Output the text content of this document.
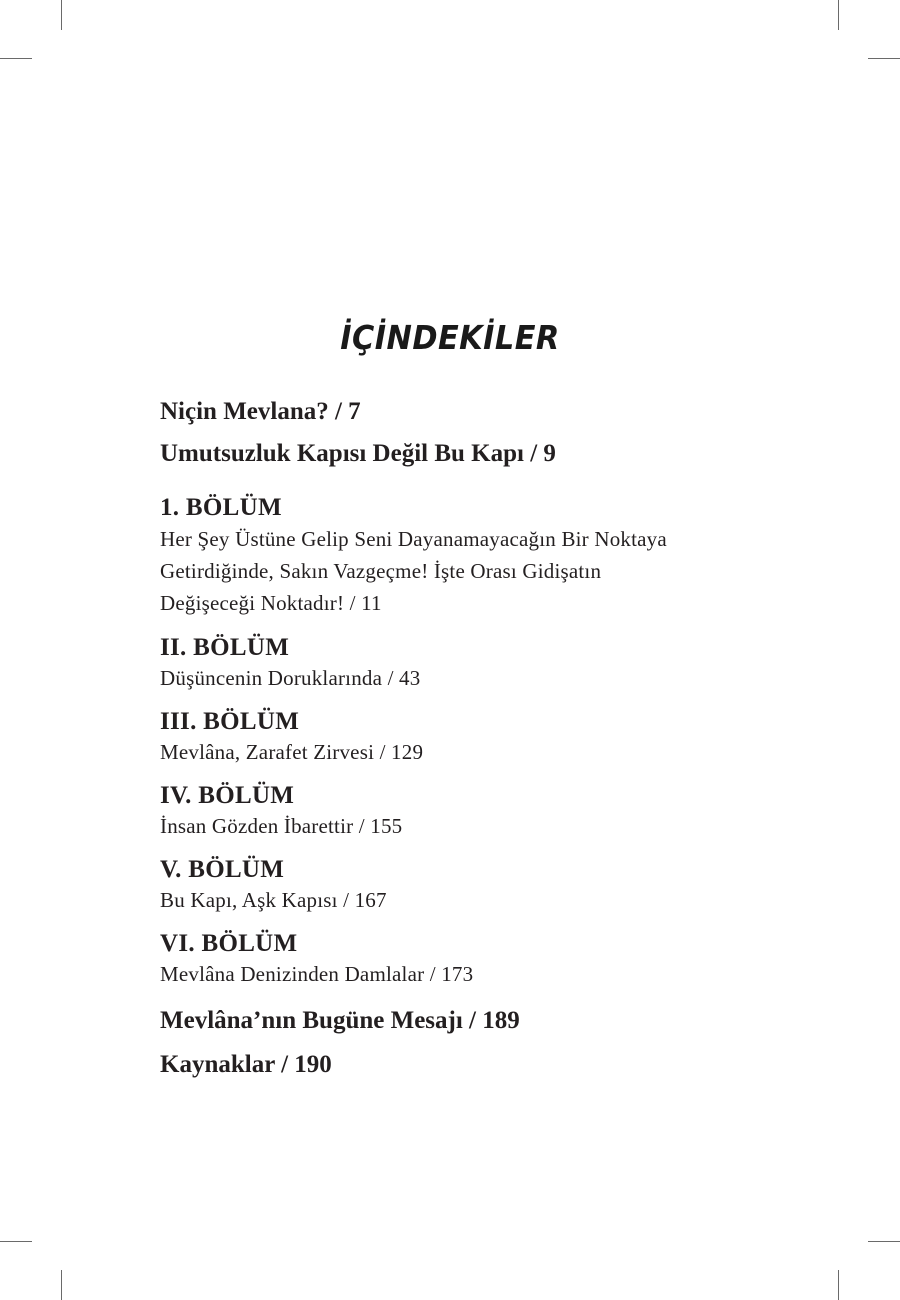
İÇİNDEKİLER

Niçin Mevlana? / 7

Umutsuzluk Kapısı Değil Bu Kapı / 9

1. BÖLÜM

Her Şey Üstüne Gelip Seni Dayanamayacağın Bir Noktaya

Getirdiğinde, Sakın Vazgeçme! İşte Orası Gidişatın

Değişeceği Noktadır! / 11

II. BÖLÜM

Düşüncenin Doruklarında / 43

III. BÖLÜM

Mevlâna, Zarafet Zirvesi / 129

IV. BÖLÜM

İnsan Gözden İbarettir / 155

V. BÖLÜM

Bu Kapı, Aşk Kapısı / 167

VI. BÖLÜM

Mevlâna Denizinden Damlalar / 173

Mevlâna’nın Bugüne Mesajı / 189

Kaynaklar / 190
